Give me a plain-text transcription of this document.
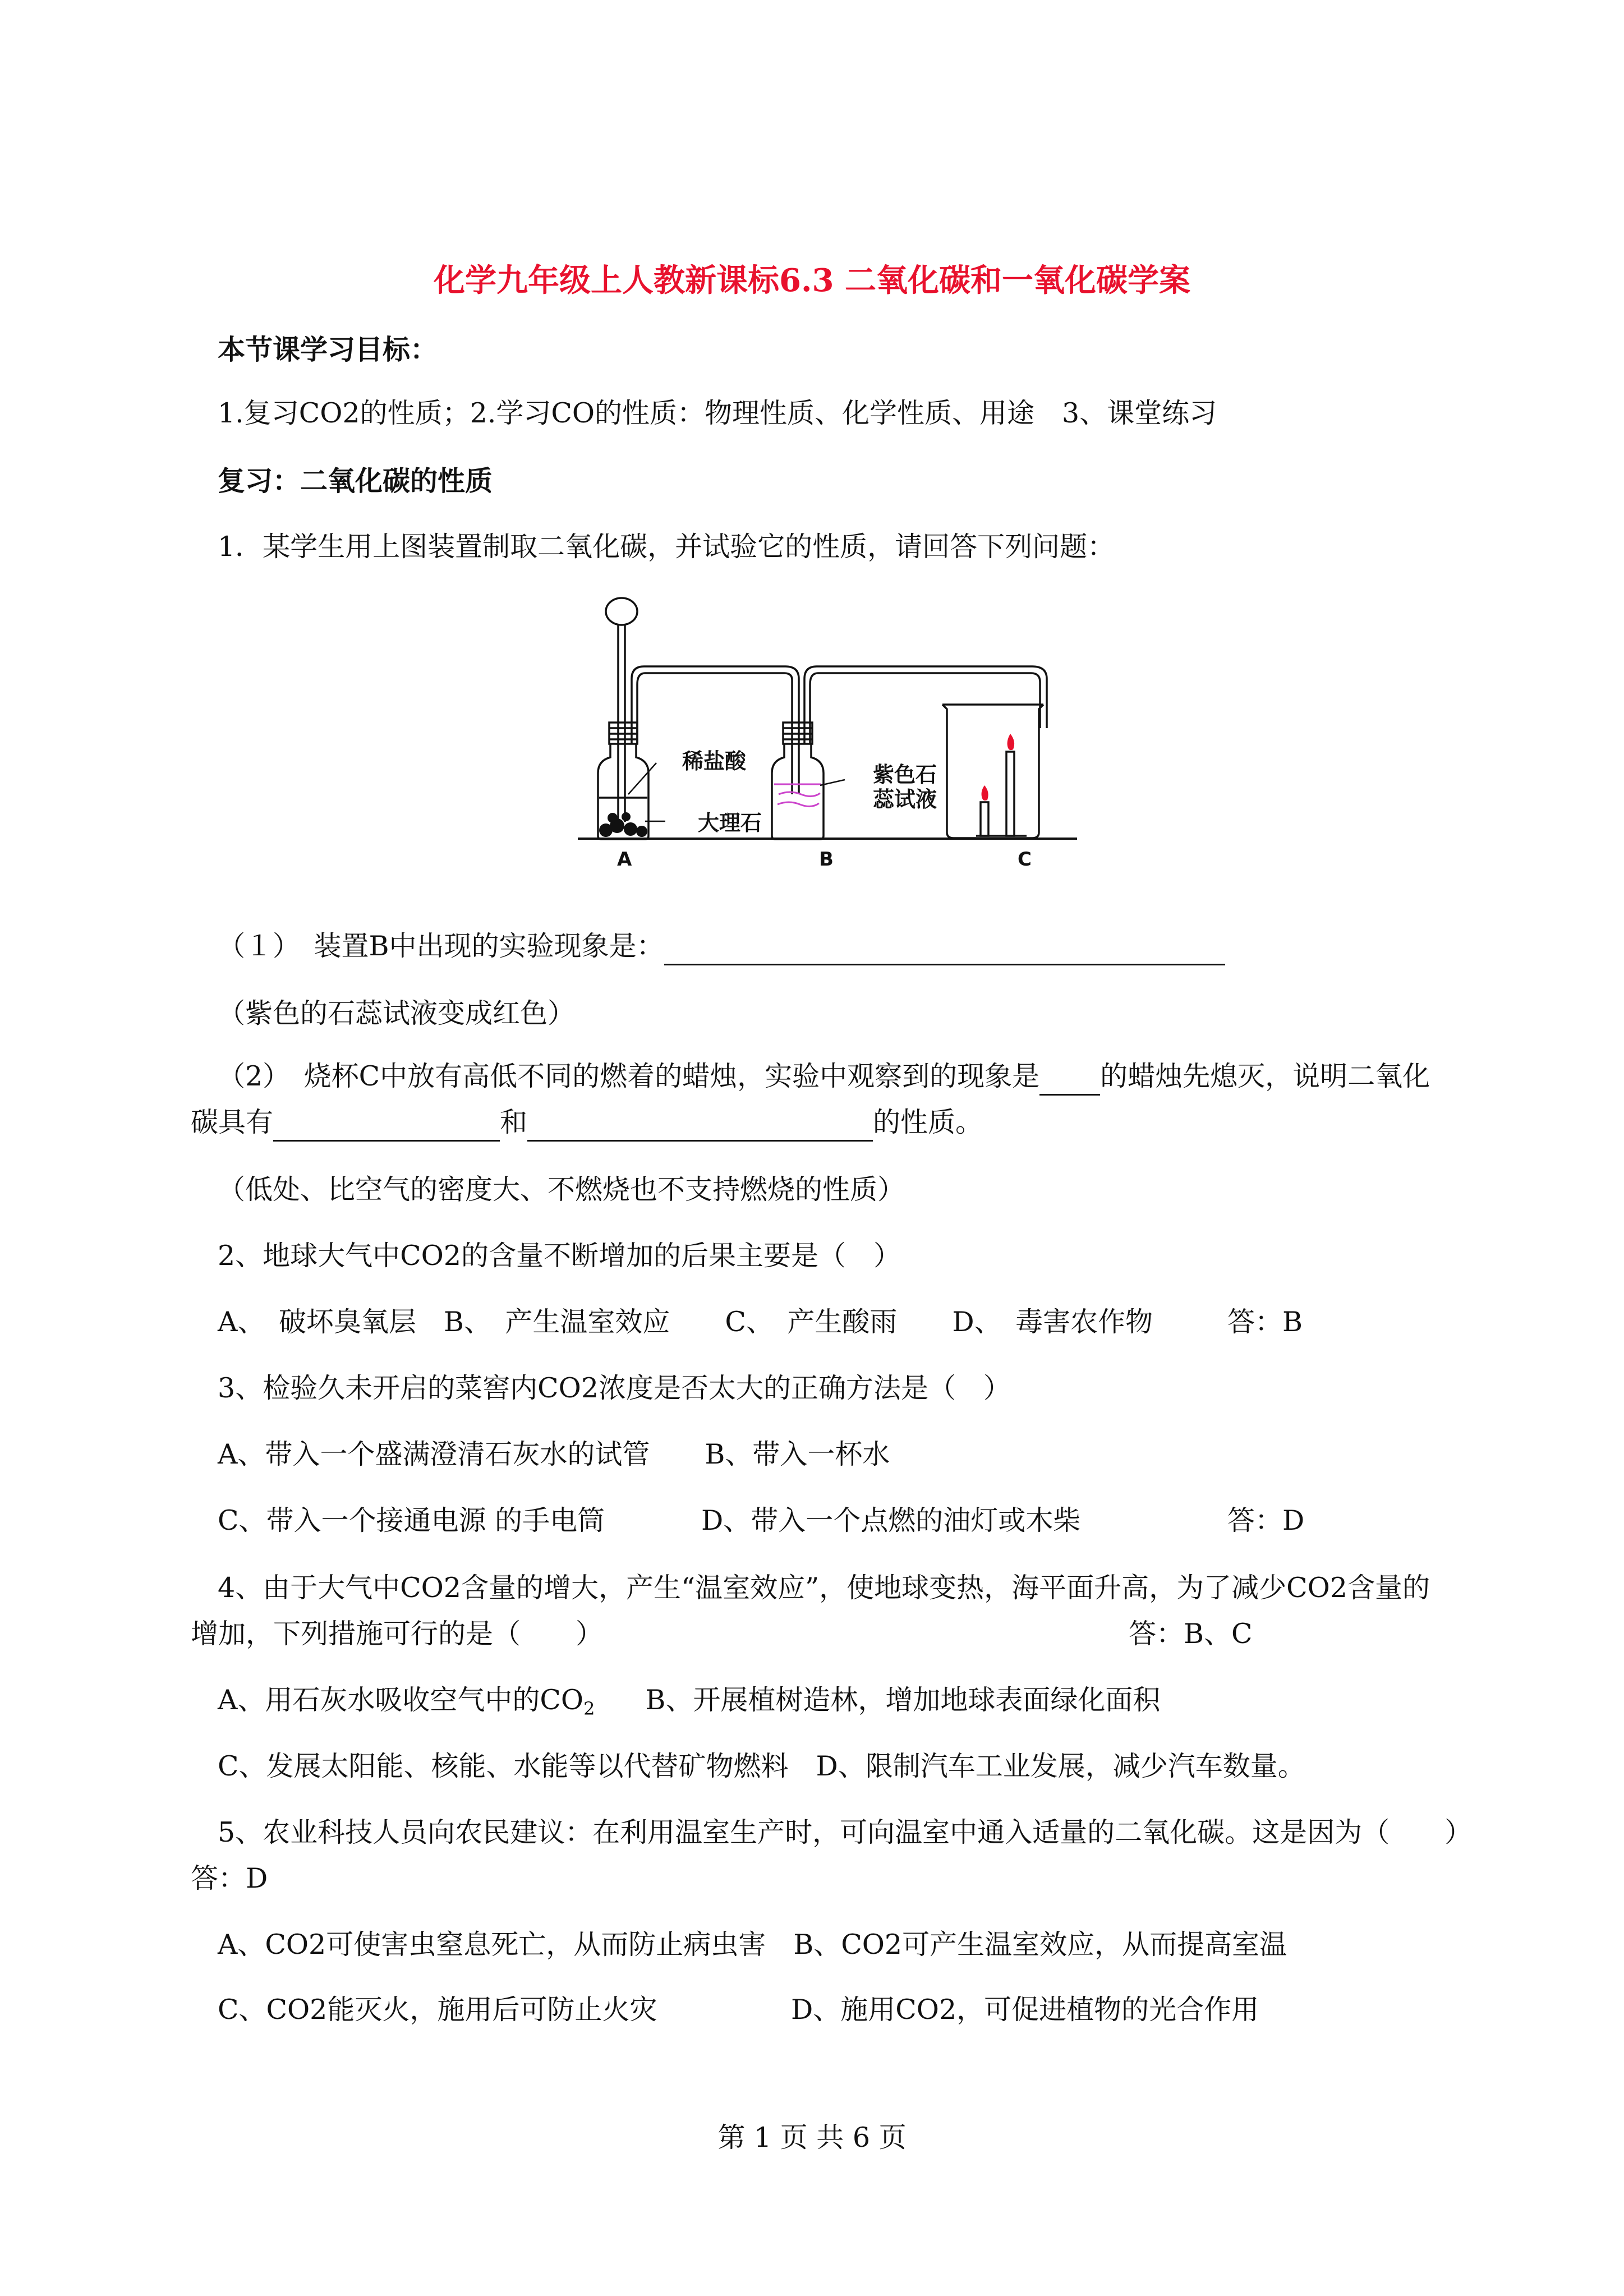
化学九年级上人教新课标6.3 二氧化碳和一氧化碳学案
本节课学习目标：
1.复习CO2的性质；2.学习CO的性质：物理性质、化学性质、用途　3、课堂练习
复习：二氧化碳的性质
1．某学生用上图装置制取二氧化碳，并试验它的性质，请回答下列问题：
稀盐酸
大理石
紫色石
蕊试液
A	B	C
（１）　装置B中出现的实验现象是：
（紫色的石蕊试液变成红色）
（2）　烧杯C中放有高低不同的燃着的蜡烛，实验中观察到的现象是 的蜡烛先熄灭，说明二氧化
碳具有	和	的性质。
（低处、比空气的密度大、不燃烧也不支持燃烧的性质）
2、地球大气中CO2的含量不断增加的后果主要是（　）
A、　破坏臭氧层　B、　产生温室效应　　C、　产生酸雨　　D、　毒害农作物	答：B
3、检验久未开启的菜窖内CO2浓度是否太大的正确方法是（　）
A、带入一个盛满澄清石灰水的试管　　B、带入一杯水
C、带入一个接通电源 的手电筒	D、带入一个点燃的油灯或木柴	答：D
4、由于大气中CO2含量的增大，产生“温室效应”，使地球变热，海平面升高，为了减少CO2含量的
增加，下列措施可行的是（　　）	答：B、C
A、用石灰水吸收空气中的$CO_2$ B、开展植树造林，增加地球表面绿化面积
C、发展太阳能、核能、水能等以代替矿物燃料　D、限制汽车工业发展，减少汽车数量。
5、农业科技人员向农民建议：在利用温室生产时，可向温室中通入适量的二氧化碳。这是因为（　　）
答：D
A、CO2可使害虫窒息死亡，从而防止病虫害　B、CO2可产生温室效应，从而提高室温
C、CO2能灭火，施用后可防止火灾	D、施用CO2，可促进植物的光合作用
第 1 页 共 6 页
